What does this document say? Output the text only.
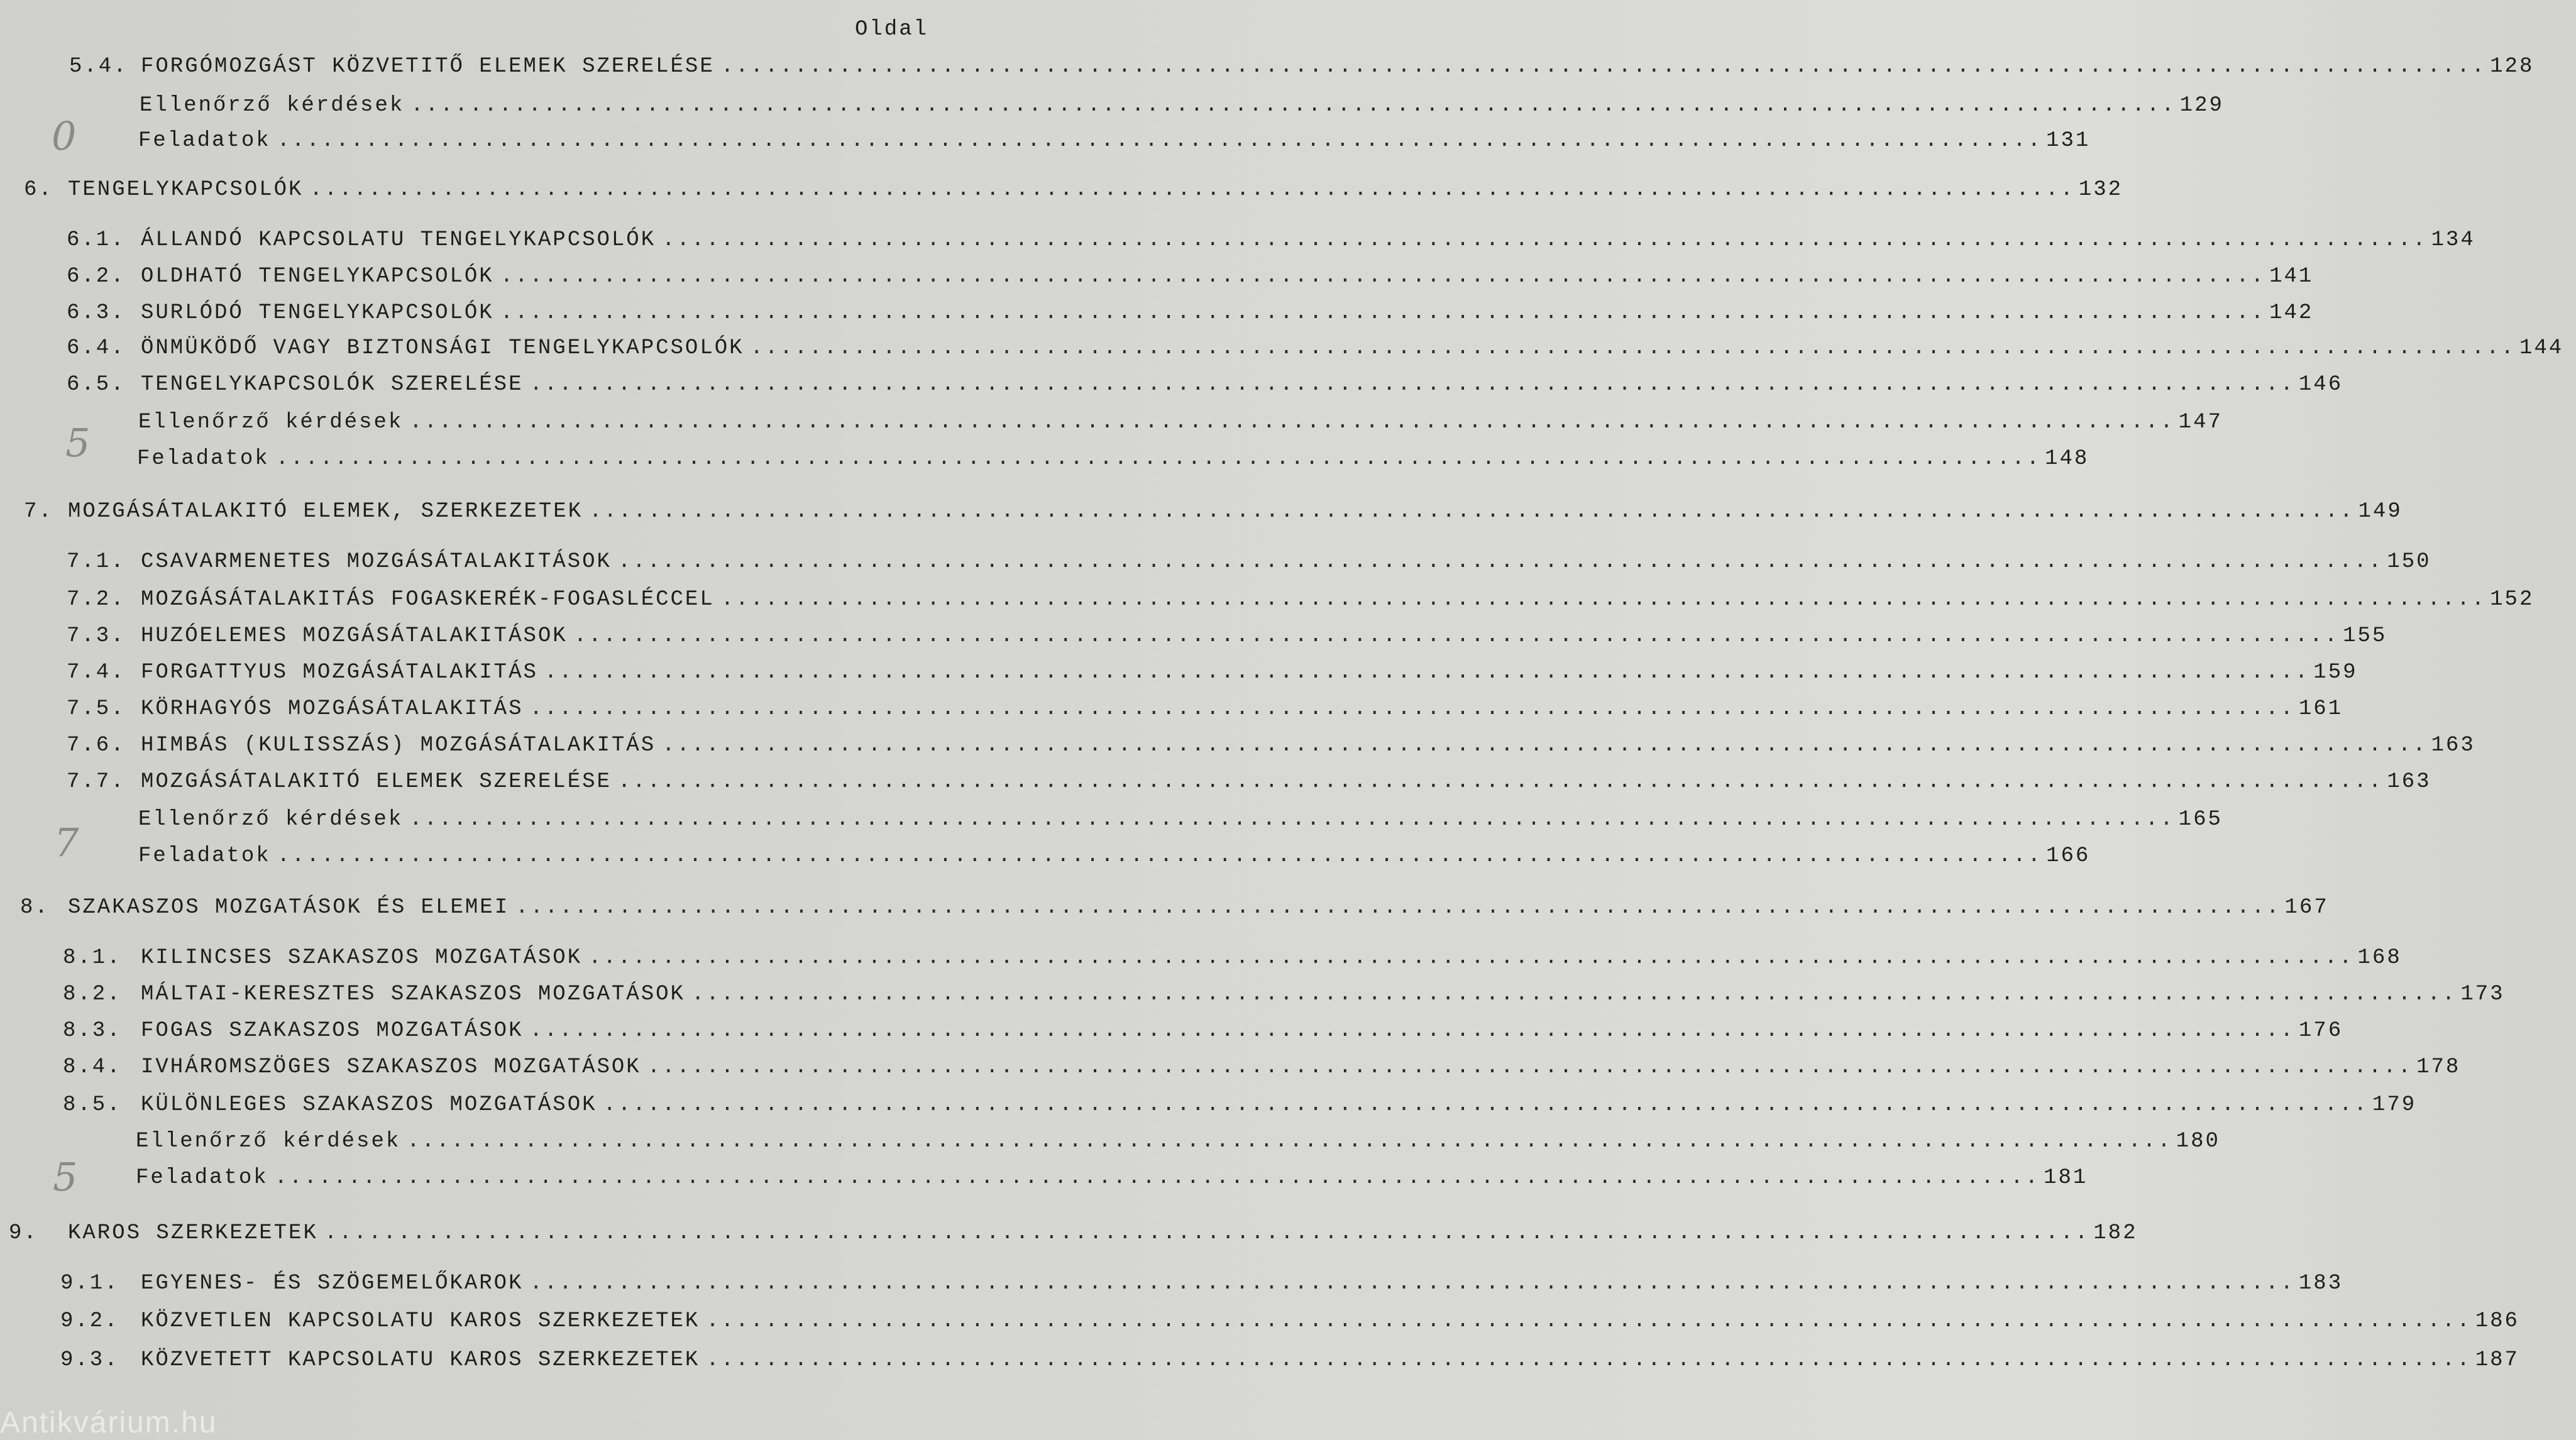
Oldal
5.4. FORGÓMOZGÁST KÖZVETITŐ ELEMEK SZERELÉSE ........................................................................................................................ 128
Ellenőrző kérdések ........................................................................................................................ 129
Feladatok ........................................................................................................................ 131
6. TENGELYKAPCSOLÓK ........................................................................................................................ 132
6.1. ÁLLANDÓ KAPCSOLATU TENGELYKAPCSOLÓK ........................................................................................................................ 134
6.2. OLDHATÓ TENGELYKAPCSOLÓK ........................................................................................................................ 141
6.3. SURLÓDÓ TENGELYKAPCSOLÓK ........................................................................................................................ 142
6.4. ÖNMÜKÖDŐ VAGY BIZTONSÁGI TENGELYKAPCSOLÓK ........................................................................................................................ 144
6.5. TENGELYKAPCSOLÓK SZERELÉSE ........................................................................................................................ 146
Ellenőrző kérdések ........................................................................................................................ 147
Feladatok ........................................................................................................................ 148
7. MOZGÁSÁTALAKITÓ ELEMEK, SZERKEZETEK ........................................................................................................................ 149
7.1. CSAVARMENETES MOZGÁSÁTALAKITÁSOK ........................................................................................................................ 150
7.2. MOZGÁSÁTALAKITÁS FOGASKERÉK-FOGASLÉCCEL ........................................................................................................................ 152
7.3. HUZÓELEMES MOZGÁSÁTALAKITÁSOK ........................................................................................................................ 155
7.4. FORGATTYUS MOZGÁSÁTALAKITÁS ........................................................................................................................ 159
7.5. KÖRHAGYÓS MOZGÁSÁTALAKITÁS ........................................................................................................................ 161
7.6. HIMBÁS (KULISSZÁS) MOZGÁSÁTALAKITÁS ........................................................................................................................ 163
7.7. MOZGÁSÁTALAKITÓ ELEMEK SZERELÉSE ........................................................................................................................ 163
Ellenőrző kérdések ........................................................................................................................ 165
Feladatok ........................................................................................................................ 166
8. SZAKASZOS MOZGATÁSOK ÉS ELEMEI ........................................................................................................................ 167
8.1. KILINCSES SZAKASZOS MOZGATÁSOK ........................................................................................................................ 168
8.2. MÁLTAI-KERESZTES SZAKASZOS MOZGATÁSOK ........................................................................................................................ 173
8.3. FOGAS SZAKASZOS MOZGATÁSOK ........................................................................................................................ 176
8.4. IVHÁROMSZÖGES SZAKASZOS MOZGATÁSOK ........................................................................................................................ 178
8.5. KÜLÖNLEGES SZAKASZOS MOZGATÁSOK ........................................................................................................................ 179
Ellenőrző kérdések ........................................................................................................................ 180
Feladatok ........................................................................................................................ 181
9.	KAROS SZERKEZETEK ........................................................................................................................ 182
9.1.	EGYENES- ÉS SZÖGEMELŐKAROK ........................................................................................................................ 183
9.2.	KÖZVETLEN KAPCSOLATU KAROS SZERKEZETEK ........................................................................................................................ 186
9.3.	KÖZVETETT KAPCSOLATU KAROS SZERKEZETEK ........................................................................................................................ 187
0
5
7
5
Antikvárium.hu
